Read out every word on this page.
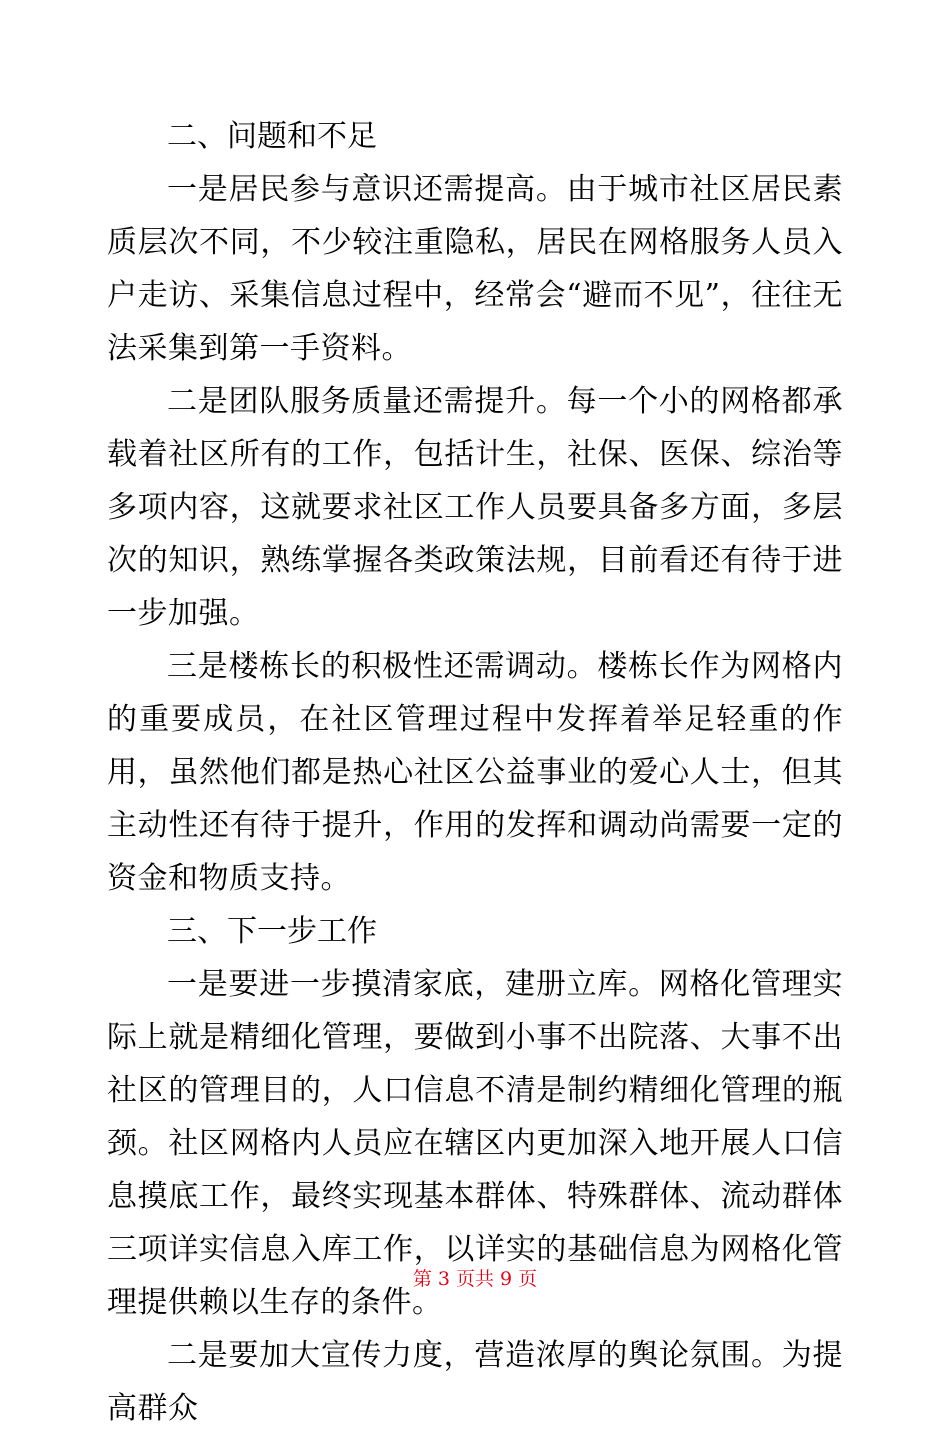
二、问题和不足

一是居民参与意识还需提高。由于城市社区居民素质层次不同，不少较注重隐私，居民在网格服务人员入户走访、采集信息过程中，经常会“避而不见”，往往无法采集到第一手资料。

二是团队服务质量还需提升。每一个小的网格都承载着社区所有的工作，包括计生，社保、医保、综治等多项内容，这就要求社区工作人员要具备多方面，多层次的知识，熟练掌握各类政策法规，目前看还有待于进一步加强。

三是楼栋长的积极性还需调动。楼栋长作为网格内的重要成员，在社区管理过程中发挥着举足轻重的作用，虽然他们都是热心社区公益事业的爱心人士，但其主动性还有待于提升，作用的发挥和调动尚需要一定的资金和物质支持。

三、下一步工作

一是要进一步摸清家底，建册立库。网格化管理实际上就是精细化管理，要做到小事不出院落、大事不出社区的管理目的，人口信息不清是制约精细化管理的瓶颈。社区网格内人员应在辖区内更加深入地开展人口信息摸底工作，最终实现基本群体、特殊群体、流动群体三项详实信息入库工作，以详实的基础信息为网格化管理提供赖以生存的条件。

二是要加大宣传力度，营造浓厚的舆论氛围。为提高群众

第 3 页共 9 页
